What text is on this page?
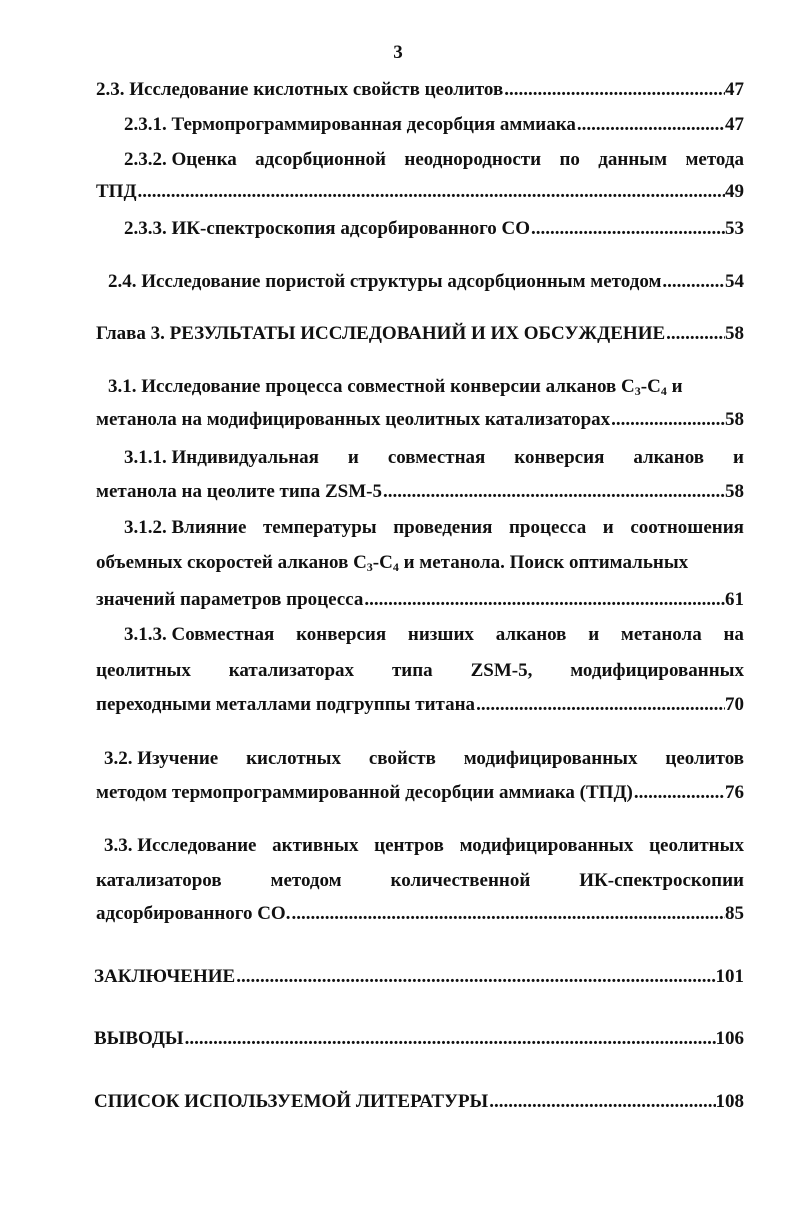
3
2.3. Исследование кислотных свойств цеолитов .....	47
2.3.1. Термопрограммированная десорбция аммиака .....	47
2.3.2. Оценка адсорбционной неоднородности по данным метода
ТПД .....	49
2.3.3. ИК-спектроскопия адсорбированного СО .....	53
2.4. Исследование пористой структуры адсорбционным методом .....	54
Глава 3. РЕЗУЛЬТАТЫ ИССЛЕДОВАНИЙ И ИХ ОБСУЖДЕНИЕ .....	58
3.1. Исследование процесса совместной конверсии алканов $С_3-С_4$ и
метанола на модифицированных цеолитных катализаторах .....	58
3.1.1. Индивидуальная и совместная конверсия алканов и
метанола на цеолите типа ZSM-5 .....	58
3.1.2. Влияние температуры проведения процесса и соотношения
объемных скоростей алканов $С_3-С_4$ и метанола. Поиск оптимальных
значений параметров процесса .....	61
3.1.3. Совместная конверсия низших алканов и метанола на
цеолитных катализаторах типа ZSM-5, модифицированных
переходными металлами подгруппы титана .....	70
3.2. Изучение кислотных свойств модифицированных цеолитов
методом термопрограммированной десорбции аммиака (ТПД) .....	76
3.3. Исследование активных центров модифицированных цеолитных
катализаторов	методом	количественной	ИК-спектроскопии
адсорбированного СО. .....	85
ЗАКЛЮЧЕНИЕ .....	101
ВЫВОДЫ .....	106
СПИСОК ИСПОЛЬЗУЕМОЙ ЛИТЕРАТУРЫ .....	108
